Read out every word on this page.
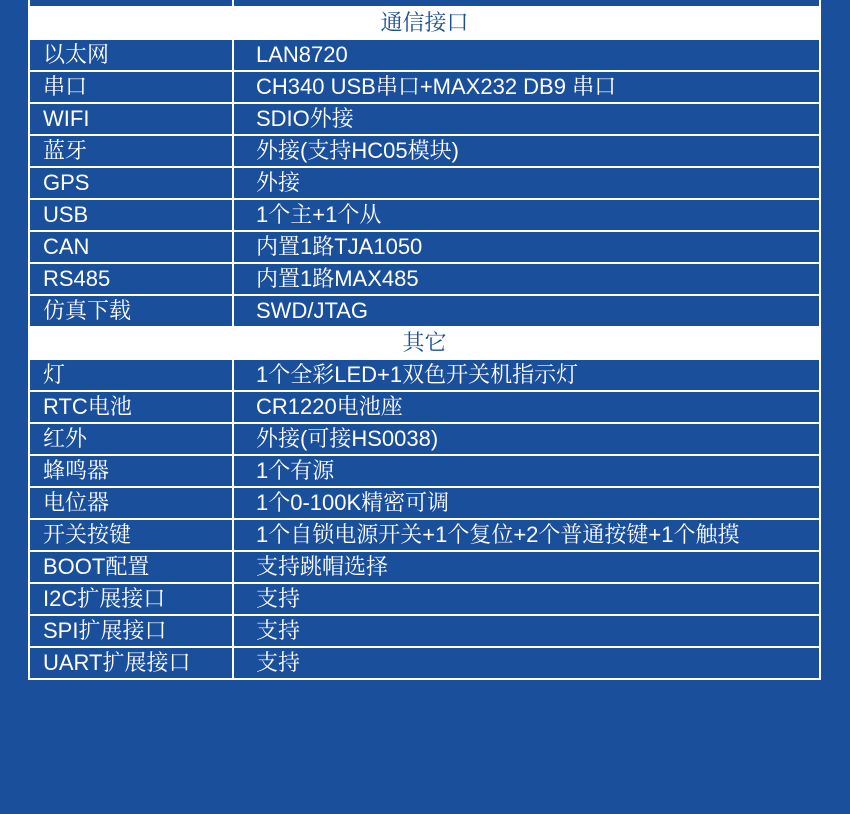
通信接口	
以太网	LAN8720
串口	CH340 USB串口+MAX232 DB9 串口
WIFI	SDIO外接
蓝牙	外接(支持HC05模块)
GPS	外接
USB	1个主+1个从
CAN	内置1路TJA1050
RS485	内置1路MAX485
仿真下载	SWD/JTAG
其它	
灯	1个全彩LED+1双色开关机指示灯
RTC电池	CR1220电池座
红外	外接(可接HS0038)
蜂鸣器	1个有源
电位器	1个0-100K精密可调
开关按键	1个自锁电源开关+1个复位+2个普通按键+1个触摸
BOOT配置	支持跳帽选择
I2C扩展接口	支持
SPI扩展接口	支持
UART扩展接口	支持
